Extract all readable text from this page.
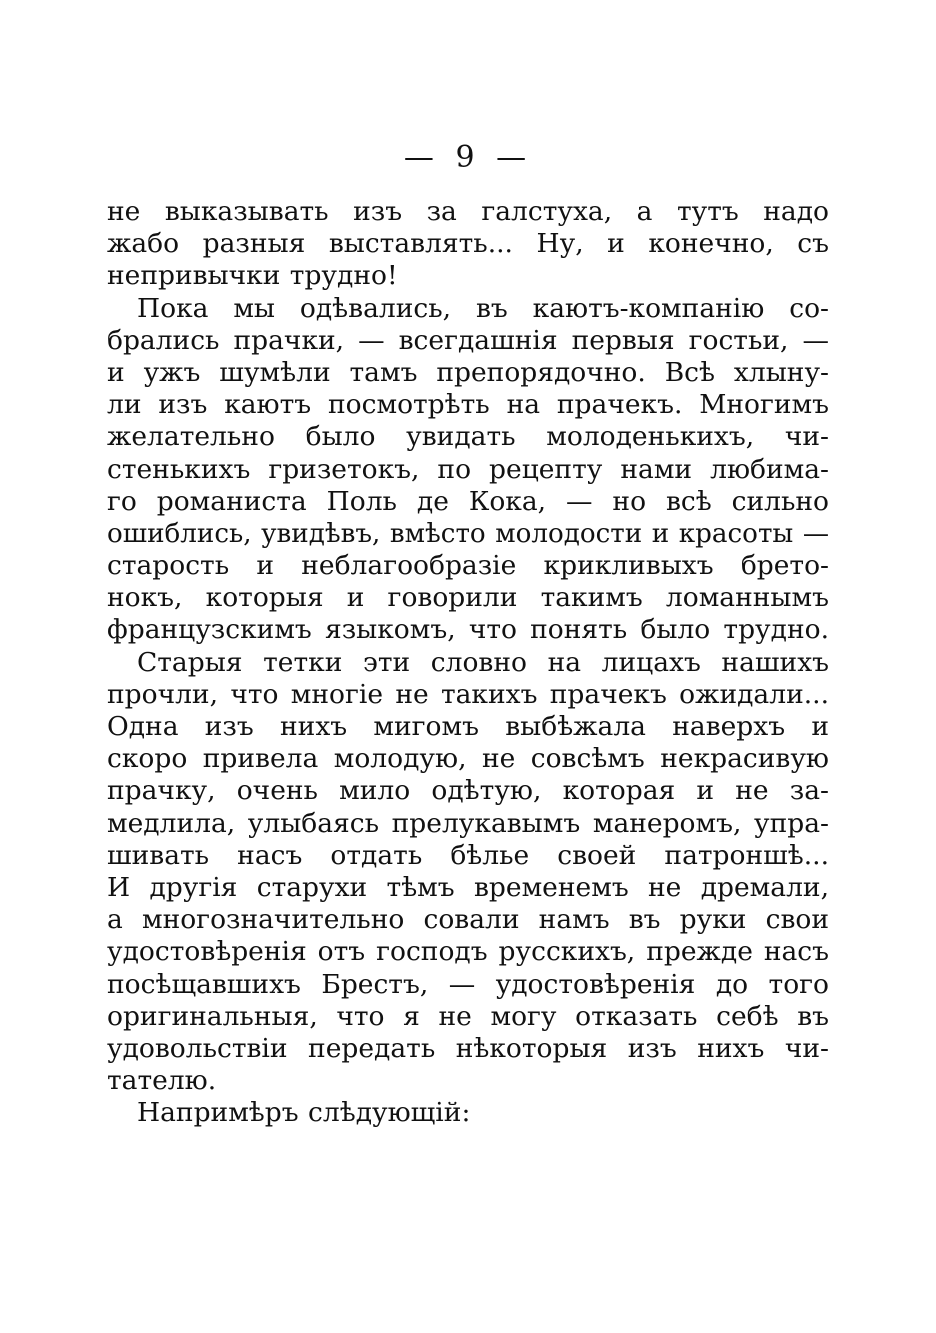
— 9 —
не выказывать изъ за галстуха, а тутъ надо
жабо разныя выставлять... Ну, и конечно, съ
непривычки трудно!
Пока мы одѣвались, въ каютъ-компанію со-
брались прачки, — всегдашнія первыя гостьи, —
и ужъ шумѣли тамъ препорядочно. Всѣ хлыну-
ли изъ каютъ посмотрѣть на прачекъ. Многимъ
желательно было увидать молоденькихъ, чи-
стенькихъ гризетокъ, по рецепту нами любима-
го романиста Поль де Кока, — но всѣ сильно
ошиблись, увидѣвъ, вмѣсто молодости и красоты —
старость и неблагообразіе крикливыхъ брето-
нокъ, которыя и говорили такимъ ломаннымъ
французскимъ языкомъ, что понять было трудно.
Старыя тетки эти словно на лицахъ нашихъ
прочли, что многіе не такихъ прачекъ ожидали...
Одна изъ нихъ мигомъ выбѣжала наверхъ и
скоро привела молодую, не совсѣмъ некрасивую
прачку, очень мило одѣтую, которая и не за-
медлила, улыбаясь прелукавымъ манеромъ, упра-
шивать насъ отдать бѣлье своей патроншѣ...
И другія старухи тѣмъ временемъ не дремали,
а многозначительно совали намъ въ руки свои
удостовѣренія отъ господъ русскихъ, прежде насъ
посѣщавшихъ Брестъ, — удостовѣренія до того
оригинальныя, что я не могу отказать себѣ въ
удовольствіи передать нѣкоторыя изъ нихъ чи-
тателю.
Напримѣръ слѣдующій:
